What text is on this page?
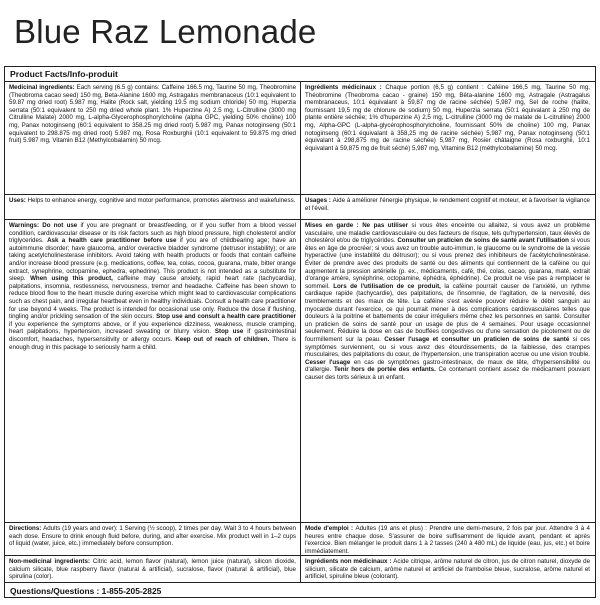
Blue Raz Lemonade
Product Facts/Info-produit
Medicinal ingredients: Each serving (6.5 g) contains: Caffeine 166.5 mg, Taurine 50 mg, Theobromine (Theobroma cacao seed) 150 mg, Beta-Alanine 1600 mg, Astragalus membranaceus (10:1 equivalent to 59.87 mg dried root) 5.987 mg, Halite (Rock salt, yielding 19.5 mg sodium chloride) 50 mg, Huperzia serrata (50:1 equivalent to 250 mg dried whole plant. 1% Huperzine A) 2.5 mg, L-Citrulline (3000 mg Citrulline Malate) 2000 mg, L-alpha-Glycerophosphorylcholine (alpha GPC, yielding 50% choline) 100 mg, Panax notoginseng (60:1 equivalent to 358.25 mg dried root) 5.987 mg, Panax notoginseng (50:1 equivalent to 298.875 mg dried root) 5.987 mg, Rosa Roxburghii (10:1 equivalent to 59.875 mg dried fruit) 5.987 mg, Vitamin B12 (Methylcobalamin) 50 mcg.
Ingrédients médicinaux : Chaque portion (6,5 g) contient : Caféine 166,5 mg, Taurine 50 mg, Théobromine (Theobroma cacao - graine) 150 mg, Bêta-alanine 1600 mg, Astragale (Astragalus membranaceus, 10:1 équivalant à 59,87 mg de racine séchée) 5,987 mg, Sel de roche (halite, fournissant 19,5 mg de chlorure de sodium) 50 mg, Huperzia serrata (50:1 équivalant à 250 mg de plante entière séchée; 1% d'huperzine A) 2,5 mg, L-citrulline (3000 mg de malate de L-citrulline) 2000 mg, Alpha-GPC (L-alpha-glycérophosphorylcholine, fournissant 50% de choline) 100 mg, Panax notoginseng (60:1 équivalant à 358,25 mg de racine séchée) 5,987 mg, Panax notoginseng (50:1 équivalant à 298,875 mg de racine séchée) 5,987 mg, Rosier châtaigne (Rosa roxburghii, 10:1 équivalant à 59,875 mg de fruit séché) 5,987 mg, Vitamine B12 (méthylcobalamine) 50 mcg.
Uses: Helps to enhance energy, cognitive and motor performance, promotes alertness and wakefulness.	Usages : Aide à améliorer l'énergie physique, le rendement cognitif et moteur, et à favoriser la vigilance et l'éveil.
Warnings: Do not use if you are pregnant or breastfeeding, or if you suffer from a blood vessel condition, cardiovascular disease or its risk factors such as high blood pressure, high cholesterol and/or triglycerides. Ask a health care practitioner before use if you are of childbearing age; have an autoimmune disorder; have glaucoma, and/or overactive bladder syndrome (detrusor instability); or are taking acetylcholinesterase inhibitors. Avoid taking with health products or foods that contain caffeine and/or increase blood pressure (e.g. medications, coffee, tea, colas, cocoa, guarana, mate, bitter orange extract, synephrine, octopamine, ephedra, ephedrine). This product is not intended as a substitute for sleep. When using this product, caffeine may cause anxiety, rapid heart rate (tachycardia), palpitations, insomnia, restlessness, nervousness, tremor and headache. Caffeine has been shown to reduce blood flow to the heart muscle during exercise which might lead to cardiovascular complications such as chest pain, and irregular heartbeat even in healthy individuals. Consult a health care practitioner for use beyond 4 weeks. The product is intended for occasional use only. Reduce the dose if flushing, tingling and/or prickling sensation of the skin occurs. Stop use and consult a health care practitioner if you experience the symptoms above, or if you experience dizziness, weakness, muscle cramping, heart palpitations, hypertension, increased sweating or blurry vision. Stop use if gastrointestinal discomfort, headaches, hypersensitivity or allergy occurs. Keep out of reach of children. There is enough drug in this package to seriously harm a child.
Mises en garde : Ne pas utiliser si vous êtes enceinte ou allaitez, si vous avez un problème vasculaire, une maladie cardiovasculaire ou des facteurs de risque, tels qu'hypertension, taux élevés de cholestérol et/ou de triglycérides. Consulter un praticien de soins de santé avant l'utilisation si vous êtes en âge de procréer; si vous avez un trouble auto-immun, le glaucome ou le syndrome de la vessie hyperactive (une instabilité du détrusor); ou si vous prenez des inhibiteurs de l'acétylcholinestérase. Éviter de prendre avec des produits de santé ou des aliments qui contiennent de la caféine ou qui augmentent la pression artérielle (p. ex., médicaments, café, thé, colas, cacao, guarana, maté, extrait d'orange amère, synéphrine, octopamine, éphédra, éphédrine). Ce produit ne vise pas à remplacer le sommeil. Lors de l'utilisation de ce produit, la caféine pourrait causer de l'anxiété, un rythme cardiaque rapide (tachycardie), des palpitations, de l'insomnie, de l'agitation, de la nervosité, des tremblements et des maux de tête. La caféine s'est avérée pouvoir réduire le débit sanguin au myocarde durant l'exercice, ce qui pourrait mener à des complications cardiovasculaires telles que douleurs à la poitrine et battements de cœur irréguliers même chez les personnes en santé. Consulter un praticien de soins de santé pour un usage de plus de 4 semaines. Pour usage occasionnel seulement. Réduire la dose en cas de bouffées congestives ou d'une sensation de picotement ou de fourmillement sur la peau. Cesser l'usage et consulter un praticien de soins de santé si ces symptômes surviennent, ou si vous avez des étourdissements, de la faiblesse, des crampes musculaires, des palpitations du cœur, de l'hypertension, une transpiration accrue ou une vision trouble. Cesser l'usage en cas de symptômes gastro-intestinaux, de maux de tête, d'hypersensibilité ou d'allergie. Tenir hors de portée des enfants. Ce contenant contient assez de médicament pouvant causer des torts sérieux à un enfant.
Directions: Adults (19 years and over): 1 Serving (½ scoop), 2 times per day. Wait 3 to 4 hours between each dose. Ensure to drink enough fluid before, during, and after exercise. Mix product well in 1–2 cups of liquid (water, juice, etc.) immediately before consumption.
Mode d'emploi : Adultes (19 ans et plus) : Prendre une demi-mesure, 2 fois par jour. Attendre 3 à 4 heures entre chaque dose. S'assurer de boire suffisamment de liquide avant, pendant et après l'exercice. Bien mélanger le produit dans 1 à 2 tasses (240 à 480 mL) de liquide (eau, jus, etc.) et boire immédiatement.
Non-medicinal ingredients: Citric acid, lemon flavor (natural), lemon juice (natural), silicon dioxide, calcium silicate, blue raspberry flavor (natural & artificial), sucralose, flavor (natural & artificial), blue spirulina (color).
Ingrédients non médicinaux : Acide citrique, arôme naturel de citron, jus de citron naturel, dioxyde de silicium, silicate de calcium, arôme naturel et artificiel de framboise bleue, sucralose, arôme naturel et artificiel, spiruline bleue (colorant).
Questions/Questions : 1-855-205-2825
